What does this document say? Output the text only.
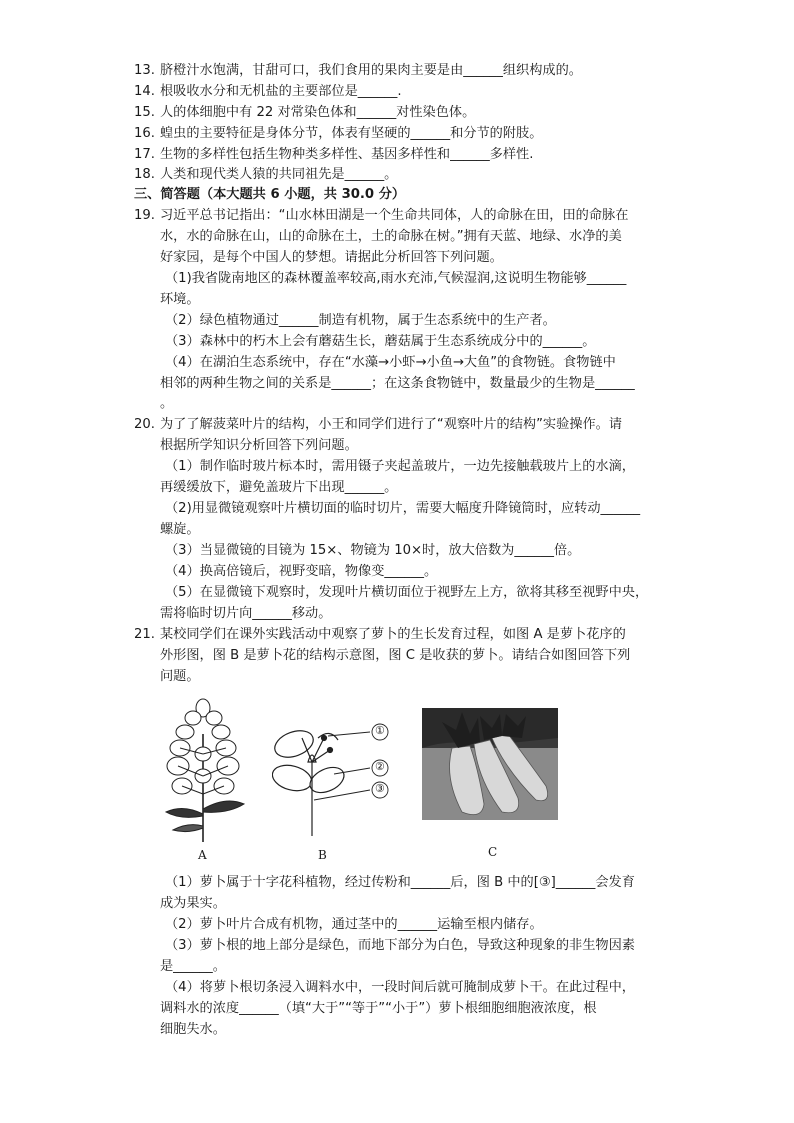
13. 脐橙汁水饱满，甘甜可口，我们食用的果肉主要是由______组织构成的。
14. 根吸收水分和无机盐的主要部位是______.
15. 人的体细胞中有 22 对常染色体和______对性染色体。
16. 蝗虫的主要特征是身体分节，体表有坚硬的______和分节的附肢。
17. 生物的多样性包括生物种类多样性、基因多样性和______多样性.
18. 人类和现代类人猿的共同祖先是______。
三、简答题（本大题共 6 小题，共 30.0 分）
19. 习近平总书记指出：“山水林田湖是一个生命共同体，人的命脉在田，田的命脉在
水，水的命脉在山，山的命脉在土，土的命脉在树。”拥有天蓝、地绿、水净的美
好家园，是每个中国人的梦想。请据此分析回答下列问题。
（1)我省陇南地区的森林覆盖率较高,雨水充沛,气候湿润,这说明生物能够______
环境。
（2）绿色植物通过______制造有机物，属于生态系统中的生产者。
（3）森林中的朽木上会有蘑菇生长，蘑菇属于生态系统成分中的______。
（4）在湖泊生态系统中，存在“水藻→小虾→小鱼→大鱼”的食物链。食物链中
相邻的两种生物之间的关系是______；在这条食物链中，数量最少的生物是______
。
20. 为了了解菠菜叶片的结构，小王和同学们进行了“观察叶片的结构”实验操作。请
根据所学知识分析回答下列问题。
（1）制作临时玻片标本时，需用镊子夹起盖玻片，一边先接触载玻片上的水滴，
再缓缓放下，避免盖玻片下出现______。
（2)用显微镜观察叶片横切面的临时切片，需要大幅度升降镜筒时，应转动______
螺旋。
（3）当显微镜的目镜为 15×、物镜为 10×时，放大倍数为______倍。
（4）换高倍镜后，视野变暗，物像变______。
（5）在显微镜下观察时，发现叶片横切面位于视野左上方，欲将其移至视野中央，
需将临时切片向______移动。
21. 某校同学们在课外实践活动中观察了萝卜的生长发育过程，如图 A 是萝卜花序的
外形图，图 B 是萝卜花的结构示意图，图 C 是收获的萝卜。请结合如图回答下列
问题。
A
①
②
③
B	C
（1）萝卜属于十字花科植物，经过传粉和______后，图 B 中的[③]______会发育
成为果实。
（2）萝卜叶片合成有机物，通过茎中的______运输至根内储存。
（3）萝卜根的地上部分是绿色，而地下部分为白色，导致这种现象的非生物因素
是______。
（4）将萝卜根切条浸入调料水中，一段时间后就可腌制成萝卜干。在此过程中，
调料水的浓度______（填“大于”“等于”“小于”）萝卜根细胞细胞液浓度，根
细胞失水。
